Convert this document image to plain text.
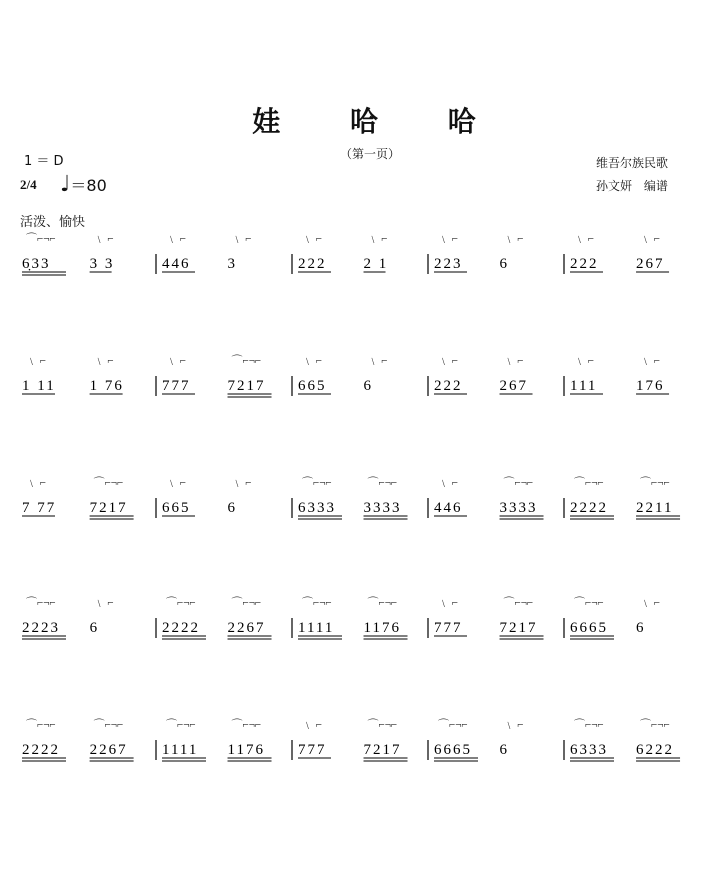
娃 哈 哈
（第一页）
1 ＝ D
2/4 ♩＝80
活泼、愉快
维吾尔族民歌
孙文妍 编谱
6̣33
⌒⌐¬⌐
3 3
﹨ ⌐
446
﹨ ⌐
3
﹨ ⌐
222
﹨ ⌐
2 1
﹨ ⌐
223
﹨ ⌐
6
﹨ ⌐
222
﹨ ⌐
267
﹨ ⌐
1 11
﹨ ⌐
1 76
﹨ ⌐
777
﹨ ⌐
7217
⌒⌐¬⌐
665
﹨ ⌐
6
﹨ ⌐
222
﹨ ⌐
267
﹨ ⌐
111
﹨ ⌐
176
﹨ ⌐
7 77
﹨ ⌐
7217
⌒⌐¬⌐
665
﹨ ⌐
6
﹨ ⌐
6333
⌒⌐¬⌐
3333
⌒⌐¬⌐
446
﹨ ⌐
3333
⌒⌐¬⌐
2222
⌒⌐¬⌐
2211
⌒⌐¬⌐
2223
⌒⌐¬⌐
6
﹨ ⌐
2222
⌒⌐¬⌐
2267
⌒⌐¬⌐
1111
⌒⌐¬⌐
1176
⌒⌐¬⌐
777
﹨ ⌐
7217
⌒⌐¬⌐
6665
⌒⌐¬⌐
6
﹨ ⌐
2222
⌒⌐¬⌐
2267
⌒⌐¬⌐
1111
⌒⌐¬⌐
1176
⌒⌐¬⌐
777
﹨ ⌐
7217
⌒⌐¬⌐
6665
⌒⌐¬⌐
6
﹨ ⌐
6333
⌒⌐¬⌐
6222
⌒⌐¬⌐
